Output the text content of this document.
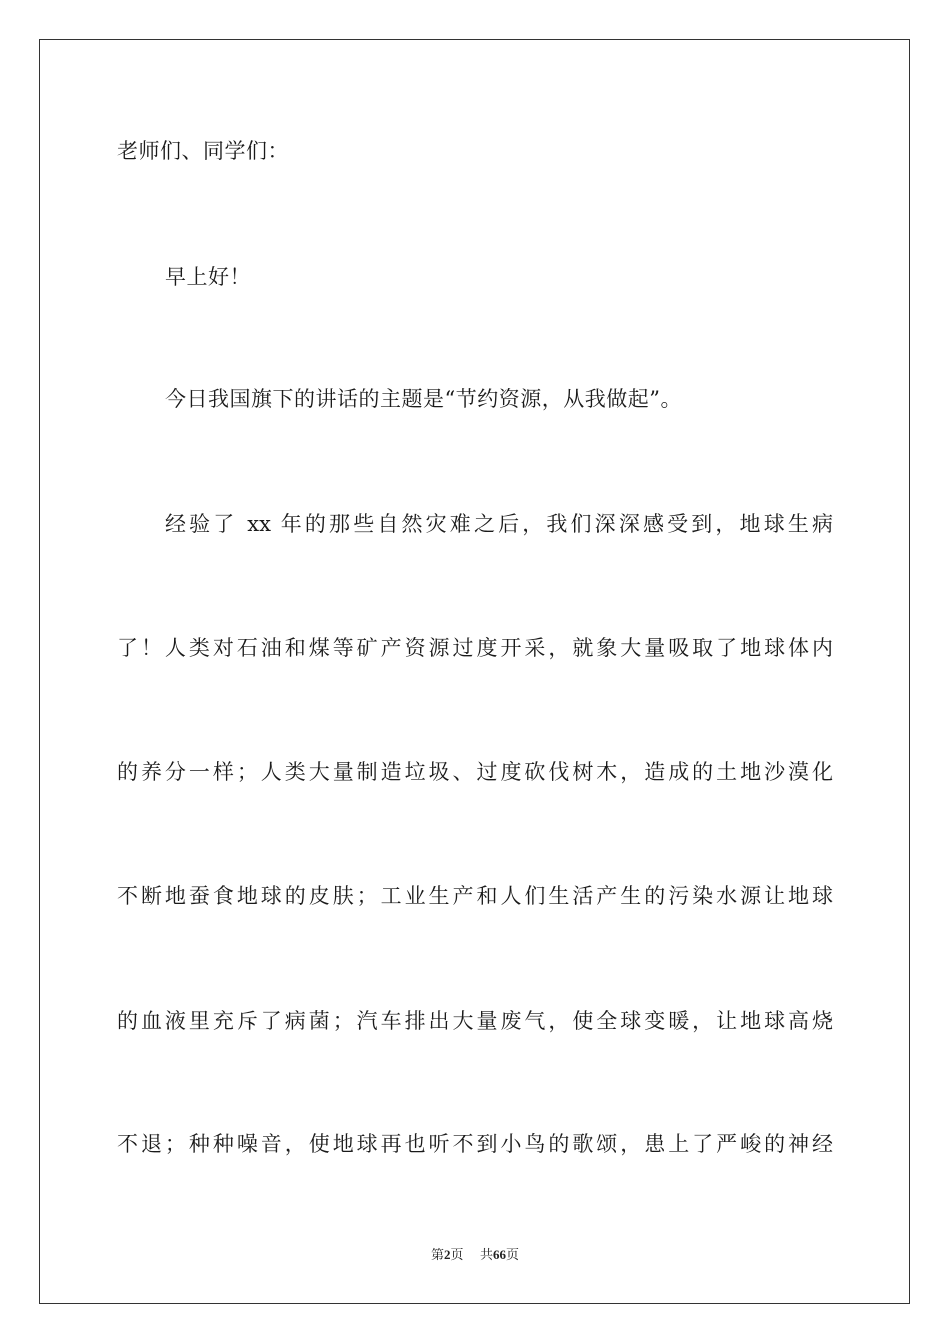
老师们、同学们：

早上好！

今日我国旗下的讲话的主题是“节约资源，从我做起”。

经验了 xx 年的那些自然灾难之后，我们深深感受到，地球生病

了！人类对石油和煤等矿产资源过度开采，就象大量吸取了地球体内

的养分一样；人类大量制造垃圾、过度砍伐树木，造成的土地沙漠化

不断地蚕食地球的皮肤；工业生产和人们生活产生的污染水源让地球

的血液里充斥了病菌；汽车排出大量废气，使全球变暖，让地球高烧

不退；种种噪音，使地球再也听不到小鸟的歌颂，患上了严峻的神经

第2页 共66页
